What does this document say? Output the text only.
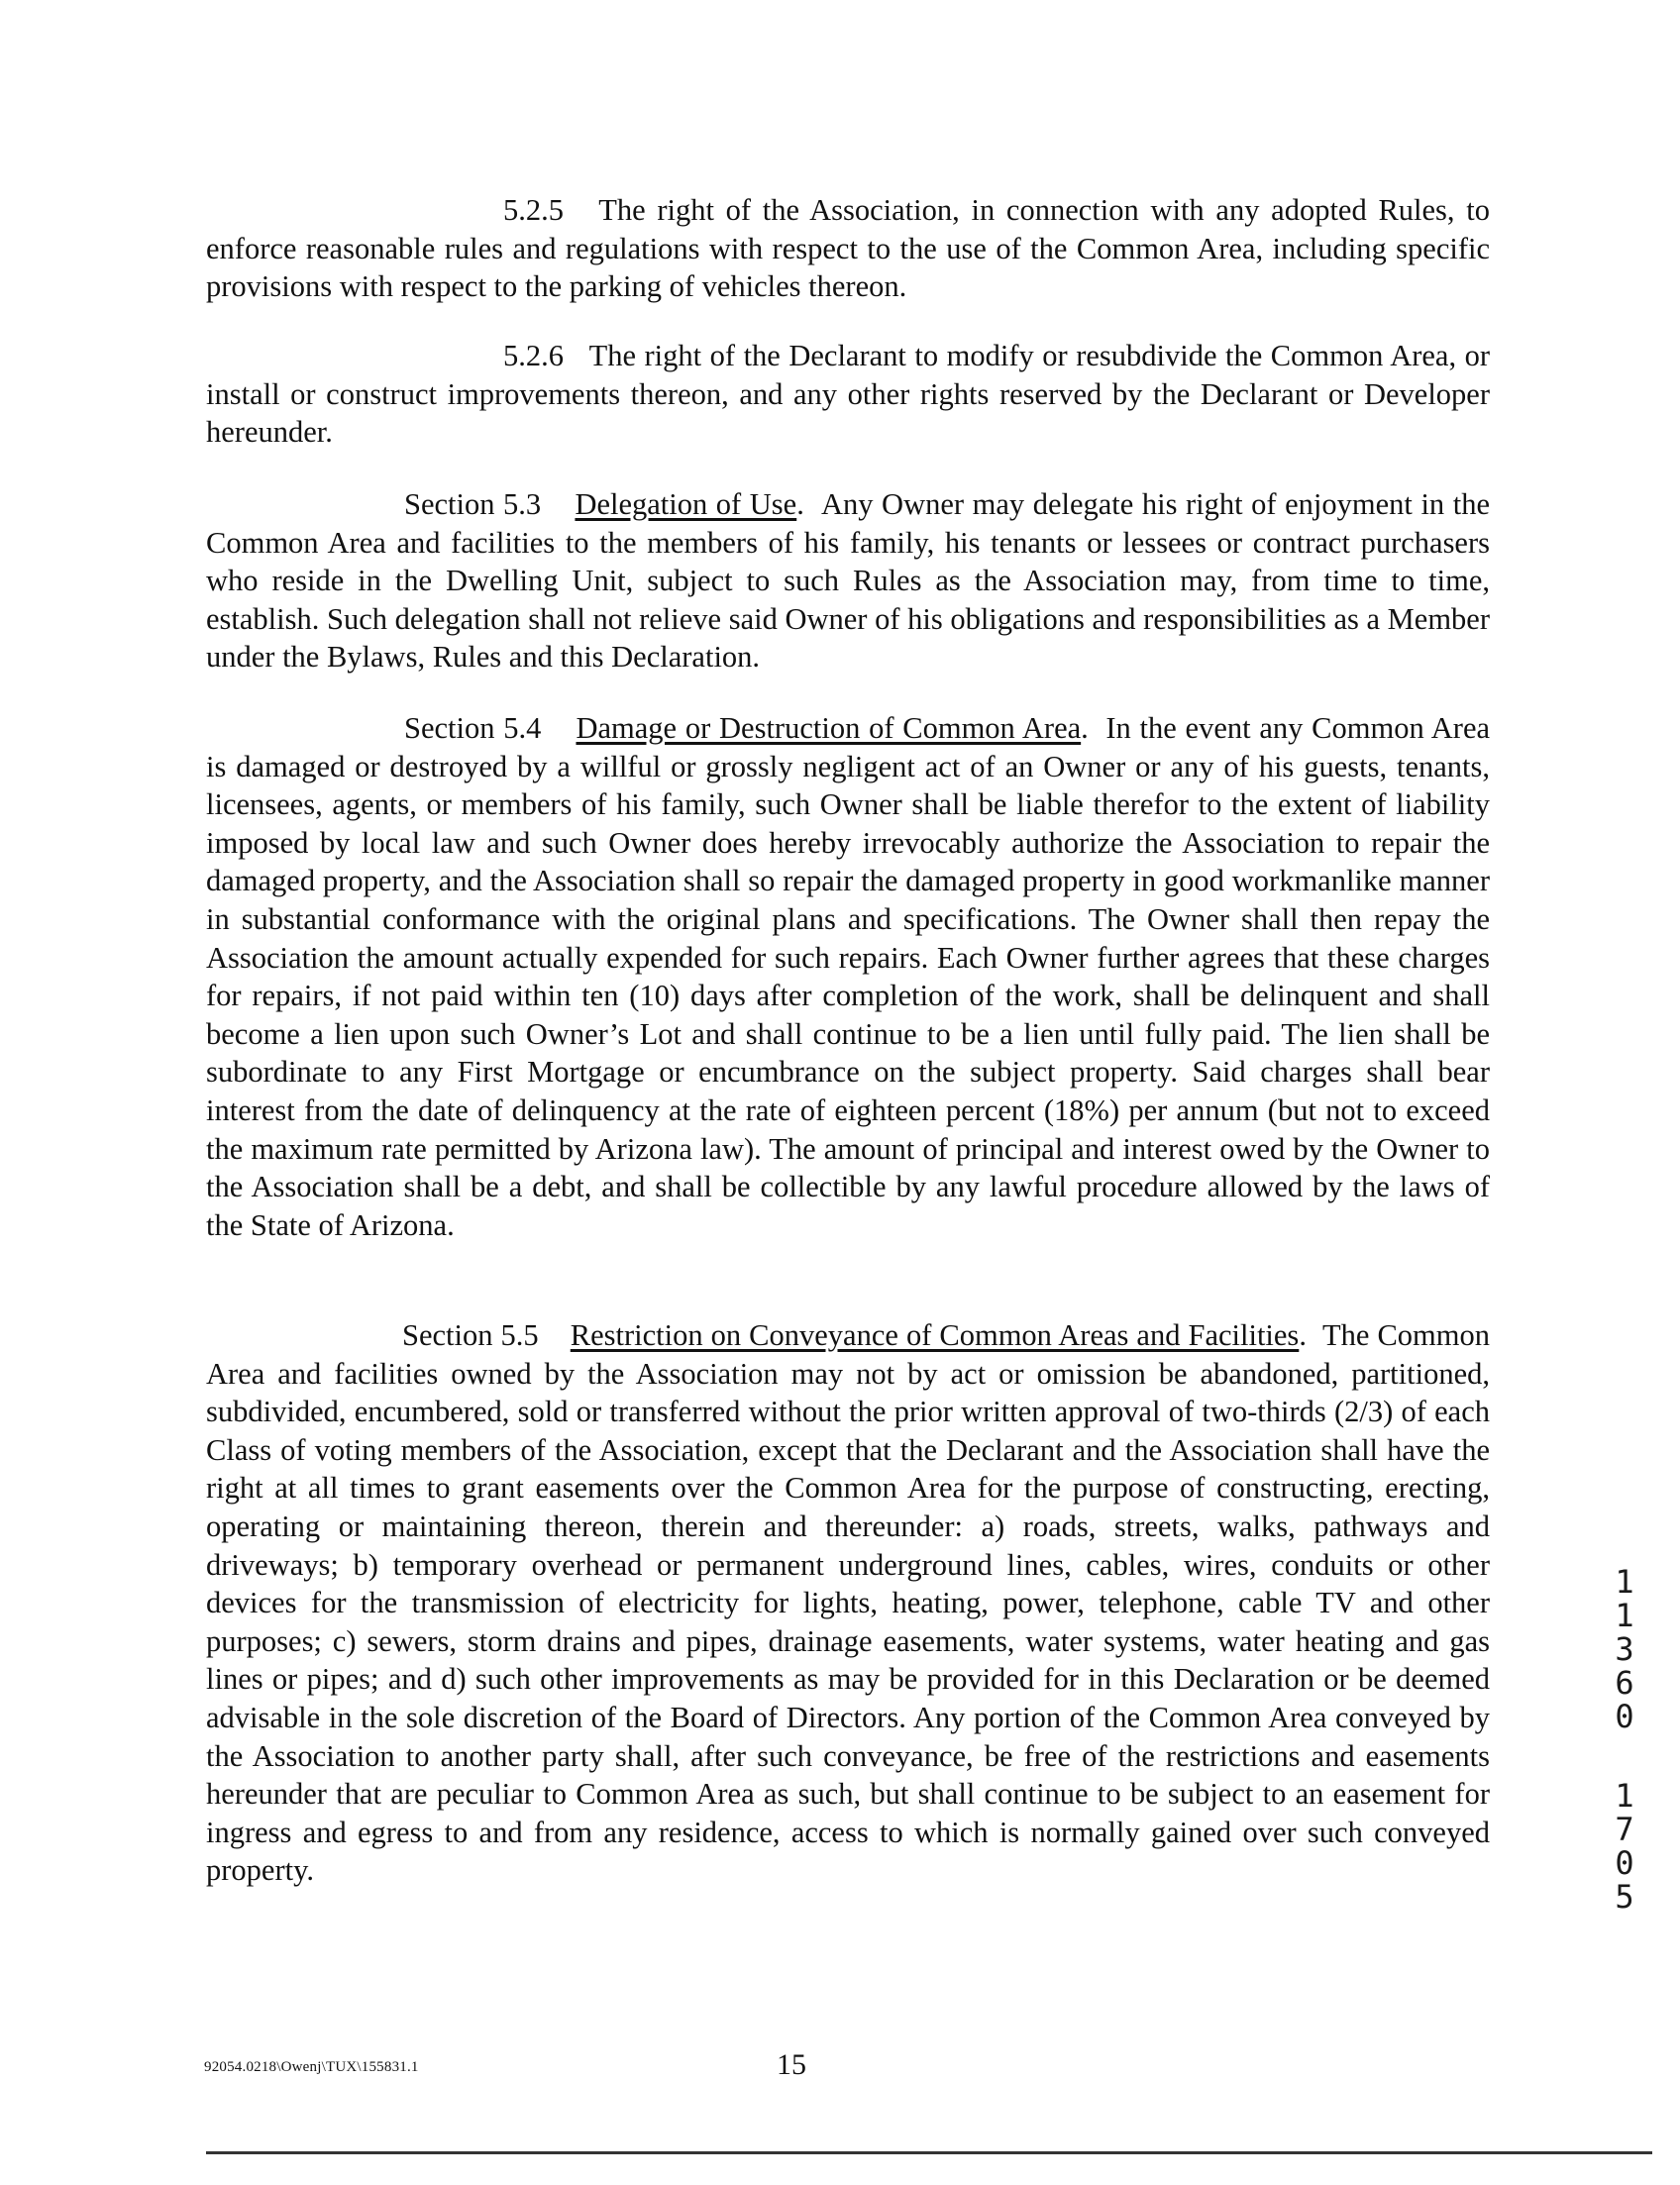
5.2.5 The right of the Association, in connection with any adopted Rules, to enforce reasonable rules and regulations with respect to the use of the Common Area, including specific provisions with respect to the parking of vehicles thereon.

5.2.6 The right of the Declarant to modify or resubdivide the Common Area, or install or construct improvements thereon, and any other rights reserved by the Declarant or Developer hereunder.

Section 5.3 Delegation of Use.  Any Owner may delegate his right of enjoyment in the Common Area and facilities to the members of his family, his tenants or lessees or contract purchasers who reside in the Dwelling Unit, subject to such Rules as the Association may, from time to time, establish. Such delegation shall not relieve said Owner of his obligations and responsibilities as a Member under the Bylaws, Rules and this Declaration.

Section 5.4 Damage or Destruction of Common Area.  In the event any Common Area is damaged or destroyed by a willful or grossly negligent act of an Owner or any of his guests, tenants, licensees, agents, or members of his family, such Owner shall be liable therefor to the extent of liability imposed by local law and such Owner does hereby irrevocably authorize the Association to repair the damaged property, and the Association shall so repair the damaged property in good workmanlike manner in substantial conformance with the original plans and specifications. The Owner shall then repay the Association the amount actually expended for such repairs. Each Owner further agrees that these charges for repairs, if not paid within ten (10) days after completion of the work, shall be delinquent and shall become a lien upon such Owner’s Lot and shall continue to be a lien until fully paid. The lien shall be subordinate to any First Mortgage or encumbrance on the subject property. Said charges shall bear interest from the date of delinquency at the rate of eighteen percent (18%) per annum (but not to exceed the maximum rate permitted by Arizona law). The amount of principal and interest owed by the Owner to the Association shall be a debt, and shall be collectible by any lawful procedure allowed by the laws of the State of Arizona.

Section 5.5 Restriction on Conveyance of Common Areas and Facilities.  The Common Area and facilities owned by the Association may not by act or omission be abandoned, partitioned, subdivided, encumbered, sold or transferred without the prior written approval of two-thirds (2/3) of each Class of voting members of the Association, except that the Declarant and the Association shall have the right at all times to grant easements over the Common Area for the purpose of constructing, erecting, operating or maintaining thereon, therein and thereunder: a) roads, streets, walks, pathways and driveways; b) temporary overhead or permanent underground lines, cables, wires, conduits or other devices for the transmission of electricity for lights, heating, power, telephone, cable TV and other purposes; c) sewers, storm drains and pipes, drainage easements, water systems, water heating and gas lines or pipes; and d) such other improvements as may be provided for in this Declaration or be deemed advisable in the sole discretion of the Board of Directors. Any portion of the Common Area conveyed by the Association to another party shall, after such conveyance, be free of the restrictions and easements hereunder that are peculiar to Common Area as such, but shall continue to be subject to an easement for ingress and egress to and from any residence, access to which is normally gained over such conveyed property.

1
1
3
6
0
1
7
0
5
92054.0218\Owenj\TUX\155831.1	15
